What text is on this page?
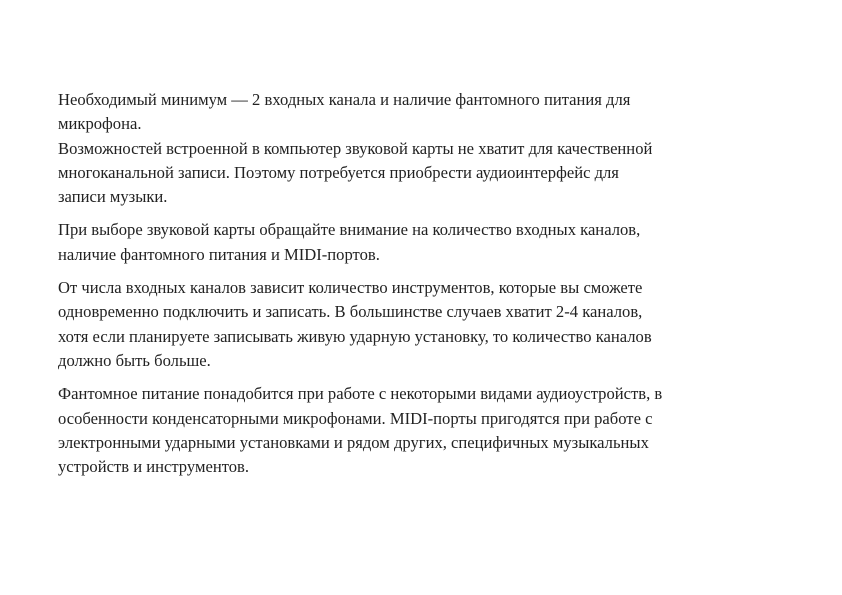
Необходимый минимум — 2 входных канала и наличие фантомного питания для
микрофона.
Возможностей встроенной в компьютер звуковой карты не хватит для качественной
многоканальной записи. Поэтому потребуется приобрести аудиоинтерфейс для
записи музыки.

При выборе звуковой карты обращайте внимание на количество входных каналов,
наличие фантомного питания и MIDI-портов.

От числа входных каналов зависит количество инструментов, которые вы сможете
одновременно подключить и записать. В большинстве случаев хватит 2-4 каналов,
хотя если планируете записывать живую ударную установку, то количество каналов
должно быть больше.

Фантомное питание понадобится при работе с некоторыми видами аудиоустройств, в
особенности конденсаторными микрофонами. MIDI-порты пригодятся при работе с
электронными ударными установками и рядом других, специфичных музыкальных
устройств и инструментов.
